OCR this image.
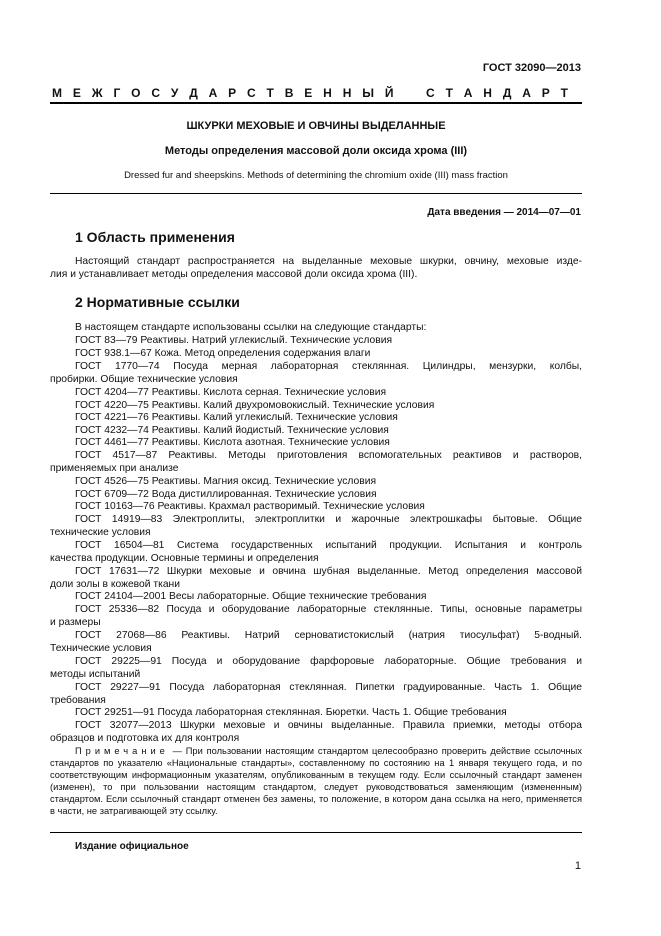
ГОСТ 32090—2013
М Е Ж Г О С У Д А Р С Т В Е Н Н Ы Й	С Т А Н Д А Р Т
ШКУРКИ МЕХОВЫЕ И ОВЧИНЫ ВЫДЕЛАННЫЕ
Методы определения массовой доли оксида хрома (III)
Dressed fur and sheepskins. Methods of determining the chromium oxide (III) mass fraction
Дата введения — 2014—07—01
1 Область применения
Настоящий стандарт распространяется на выделанные меховые шкурки, овчину, меховые изде-
лия и устанавливает методы определения массовой доли оксида хрома (III).
2 Нормативные ссылки
В настоящем стандарте использованы ссылки на следующие стандарты:
ГОСТ 83—79 Реактивы. Натрий углекислый. Технические условия
ГОСТ 938.1—67 Кожа. Метод определения содержания влаги
ГОСТ 1770—74 Посуда мерная лабораторная стеклянная. Цилиндры, мензурки, колбы,
пробирки. Общие технические условия
ГОСТ 4204—77 Реактивы. Кислота серная. Технические условия
ГОСТ 4220—75 Реактивы. Калий двухромовокислый. Технические условия
ГОСТ 4221—76 Реактивы. Калий углекислый. Технические условия
ГОСТ 4232—74 Реактивы. Калий йодистый. Технические условия
ГОСТ 4461—77 Реактивы. Кислота азотная. Технические условия
ГОСТ 4517—87 Реактивы. Методы приготовления вспомогательных реактивов и растворов,
применяемых при анализе
ГОСТ 4526—75 Реактивы. Магния оксид. Технические условия
ГОСТ 6709—72 Вода дистиллированная. Технические условия
ГОСТ 10163—76 Реактивы. Крахмал растворимый. Технические условия
ГОСТ 14919—83 Электроплиты, электроплитки и жарочные электрошкафы бытовые. Общие
технические условия
ГОСТ 16504—81 Система государственных испытаний продукции. Испытания и контроль
качества продукции. Основные термины и определения
ГОСТ 17631—72 Шкурки меховые и овчина шубная выделанные. Метод определения массовой
доли золы в кожевой ткани
ГОСТ 24104—2001 Весы лабораторные. Общие технические требования
ГОСТ 25336—82 Посуда и оборудование лабораторные стеклянные. Типы, основные параметры
и размеры
ГОСТ 27068—86 Реактивы. Натрий серноватистокислый (натрия тиосульфат) 5-водный.
Технические условия
ГОСТ 29225—91 Посуда и оборудование фарфоровые лабораторные. Общие требования и
методы испытаний
ГОСТ 29227—91 Посуда лабораторная стеклянная. Пипетки градуированные. Часть 1. Общие
требования
ГОСТ 29251—91 Посуда лабораторная стеклянная. Бюретки. Часть 1. Общие требования
ГОСТ 32077—2013 Шкурки меховые и овчины выделанные. Правила приемки, методы отбора
образцов и подготовка их для контроля
Примечание — При пользовании настоящим стандартом целесообразно проверить действие ссылочных стандартов по указателю «Национальные стандарты», составленному по состоянию на 1 января текущего года, и по соответствующим информационным указателям, опубликованным в текущем году. Если ссылочный стандарт заменен (изменен), то при пользовании настоящим стандартом, следует руководствоваться заменяющим (измененным) стандартом. Если ссылочный стандарт отменен без замены, то положение, в котором дана ссылка на него, применяется в части, не затрагивающей эту ссылку.
Издание официальное
1
